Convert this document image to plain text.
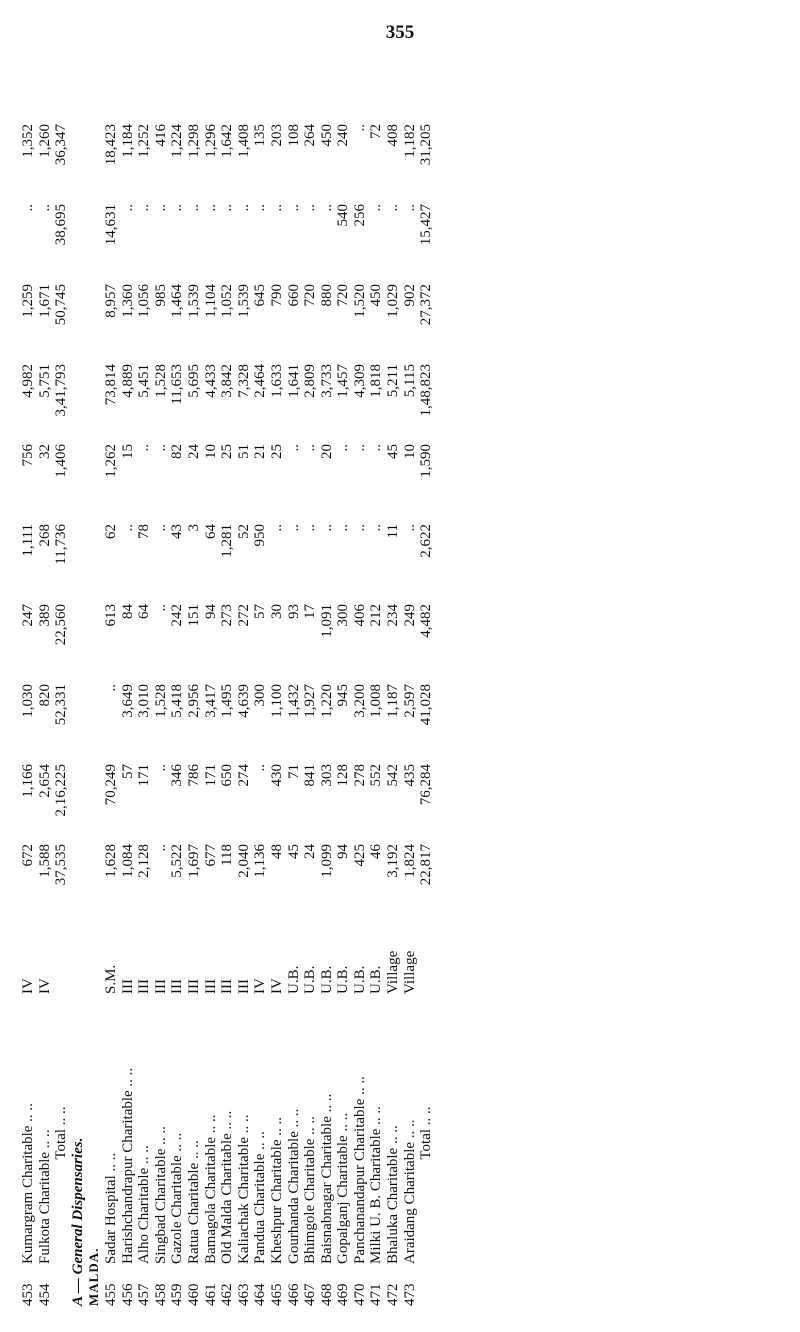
355
453	Kumargram Charitable .. ..	IV	672	1,166	1,030	247	1,111	756	4,982	1,259	..	1,352
454	Fulkota Charitable .. ..	IV	1,588	2,654	820	389	268	32	5,751	1,671	..	1,260
	Total .. ..		37,535	2,16,225	52,331	22,560	11,736	1,406	3,41,793	50,745	38,695	36,347
A — General Dispensaries.												
MALDA.												
455	Sadar Hospital .. ..	S.M.	1,628	70,249	..	613	62	1,262	73,814	8,957	14,631	18,423
456	Harishchandrapur Charitable .. ..	III	1,084	57	3,649	84	..	15	4,889	1,360	..	1,184
457	Alho Charitable .. ..	III	2,128	171	3,010	64	78	..	5,451	1,056	..	1,252
458	Singbad Charitable .. ..	III	..	..	1,528	..	..	..	1,528	985	..	416
459	Gazole Charitable .. ..	III	5,522	346	5,418	242	43	82	11,653	1,464	..	1,224
460	Ratua Charitable .. ..	III	1,697	786	2,956	151	3	24	5,695	1,539	..	1,298
461	Bamagola Charitable .. ..	III	677	171	3,417	94	64	10	4,433	1,104	..	1,296
462	Old Malda Charitable .. ..	III	118	650	1,495	273	1,281	25	3,842	1,052	..	1,642
463	Kaliachak Charitable .. ..	III	2,040	274	4,639	272	52	51	7,328	1,539	..	1,408
464	Pandua Charitable .. ..	IV	1,136	..	300	57	950	21	2,464	645	..	135
465	Kheshpur Charitable .. ..	IV	48	430	1,100	30	..	25	1,633	790	..	203
466	Gourhanda Charitable .. ..	U.B.	45	71	1,432	93	..	..	1,641	660	..	108
467	Bhimgole Charitable .. ..	U.B.	24	841	1,927	17	..	..	2,809	720	..	264
468	Baisnabnagar Charitable .. ..	U.B.	1,099	303	1,220	1,091	..	20	3,733	880	..	450
469	Gopalganj Charitable .. ..	U.B.	94	128	945	300	..	..	1,457	720	540	240
470	Panchanandapur Charitable .. ..	U.B.	425	278	3,200	406	..	..	4,309	1,520	256	..
471	Milki U. B. Charitable .. ..	U.B.	46	552	1,008	212	..	..	1,818	450	..	72
472	Bhaluka Charitable .. ..	Village	3,192	542	1,187	234	11	45	5,211	1,029	..	408
473	Araidang Charitable .. ..	Village	1,824	435	2,597	249	..	10	5,115	902	..	1,182
	Total .. ..		22,817	76,284	41,028	4,482	2,622	1,590	1,48,823	27,372	15,427	31,205
